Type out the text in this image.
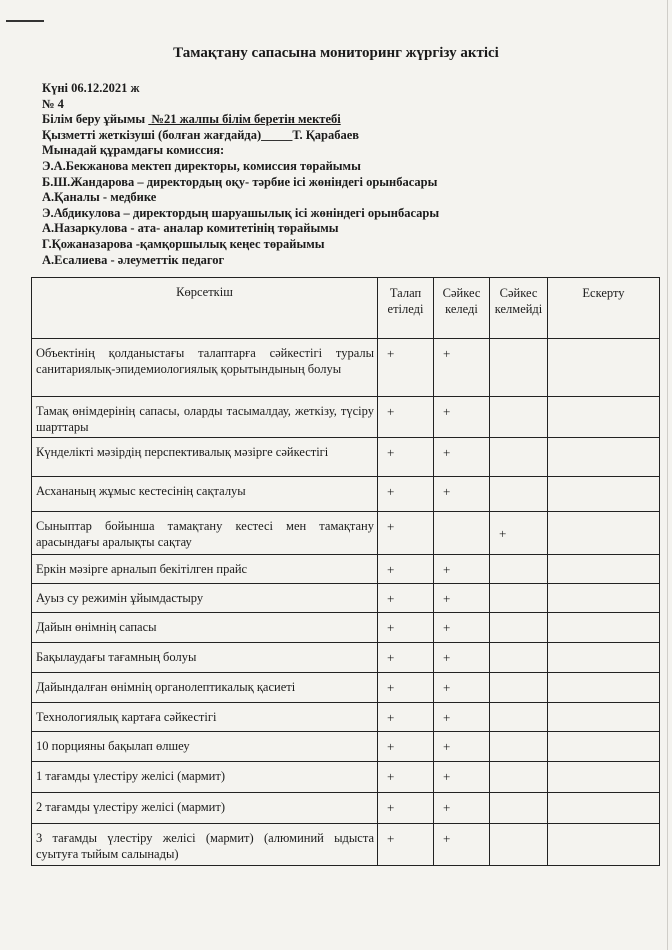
Тамақтану сапасына мониторинг жүргізу актісі
Күні 06.12.2021 ж
№ 4
Білім беру ұйымы №21 жалпы білім беретін мектебі
Қызметті жеткізуші (болған жағдайда)_____Т. Қарабаев
Мынадай құрамдағы комиссия:
Э.А.Бекжанова мектеп директоры, комиссия төрайымы
Б.Ш.Жандарова – директордың оқу- тәрбие ісі жөніндегі орынбасары
А.Қаналы - медбике
Э.Абдикулова – директордың шаруашылық ісі жөніндегі орынбасары
А.Назаркулова - ата- аналар комитетінің төрайымы
Г.Қожаназарова -қамқоршылық кеңес төрайымы
А.Есалиева - әлеуметтік педагог
Көрсеткіш	Талап етіледі	Сәйкес келеді	Сәйкес келмейді	Ескерту
Объектінің қолданыстағы талаптарға сәйкестігі туралы санитариялық-эпидемиологиялық қорытындының болуы	+	+		
Тамақ өнімдерінің сапасы, оларды тасымалдау, жеткізу, түсіру шарттары	+	+		
Күнделікті мәзірдің перспективалық мәзірге сәйкестігі	+	+		
Асхананың жұмыс кестесінің сақталуы	+	+		
Сыныптар бойынша тамақтану кестесі мен тамақтану арасындағы аралықты сақтау	+		+	
Еркін мәзірге арналып бекітілген прайс	+	+		
Ауыз су режимін ұйымдастыру	+	+		
Дайын өнімнің сапасы	+	+		
Бақылаудағы тағамның болуы	+	+		
Дайындалған өнімнің органолептикалық қасиеті	+	+		
Технологиялық картаға сәйкестігі	+	+		
10 порцияны бақылап өлшеу	+	+		
1 тағамды үлестіру желісі (мармит)	+	+		
2 тағамды үлестіру желісі (мармит)	+	+		
3 тағамды үлестіру желісі (мармит) (алюминий ыдыста суытуға тыйым салынады)	+	+		
